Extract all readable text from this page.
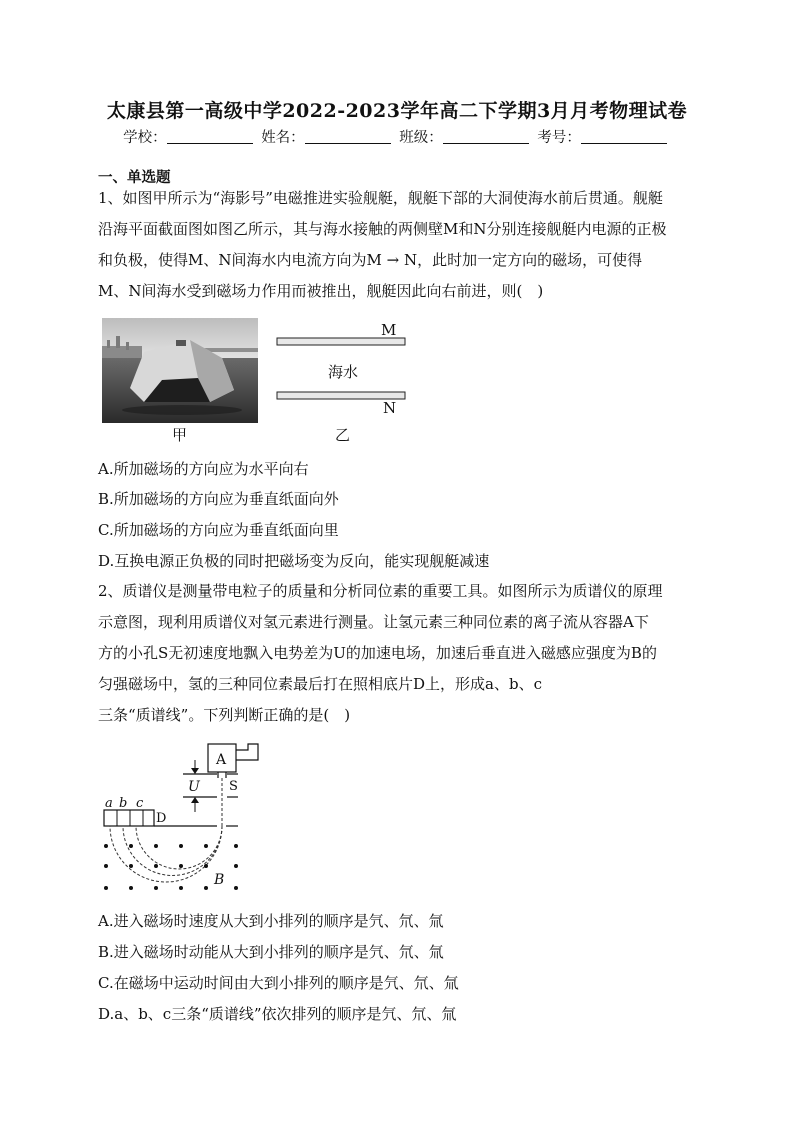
太康县第一高级中学2022-2023学年高二下学期3月月考物理试卷
学校：	姓名：	班级：	考号：
一、单选题
1、如图甲所示为“海影号”电磁推进实验舰艇，舰艇下部的大洞使海水前后贯通。舰艇
沿海平面截面图如图乙所示，其与海水接触的两侧壁M和N分别连接舰艇内电源的正极
和负极，使得M、N间海水内电流方向为M → N，此时加一定方向的磁场，可使得
M、N间海水受到磁场力作用而被推出，舰艇因此向右前进，则(　)
甲
M
N
海水
乙
A.所加磁场的方向应为水平向右
B.所加磁场的方向应为垂直纸面向外
C.所加磁场的方向应为垂直纸面向里
D.互换电源正负极的同时把磁场变为反向，能实现舰艇减速
2、质谱仪是测量带电粒子的质量和分析同位素的重要工具。如图所示为质谱仪的原理
示意图，现利用质谱仪对氢元素进行测量。让氢元素三种同位素的离子流从容器A下
方的小孔S无初速度地飘入电势差为U的加速电场，加速后垂直进入磁感应强度为B的
匀强磁场中，氢的三种同位素最后打在照相底片D上，形成a、b、c
三条“质谱线”。下列判断正确的是(　)
A
U S
D
a b c
B
A.进入磁场时速度从大到小排列的顺序是氕、氘、氚
B.进入磁场时动能从大到小排列的顺序是氕、氘、氚
C.在磁场中运动时间由大到小排列的顺序是氕、氘、氚
D.a、b、c三条“质谱线”依次排列的顺序是氕、氘、氚
